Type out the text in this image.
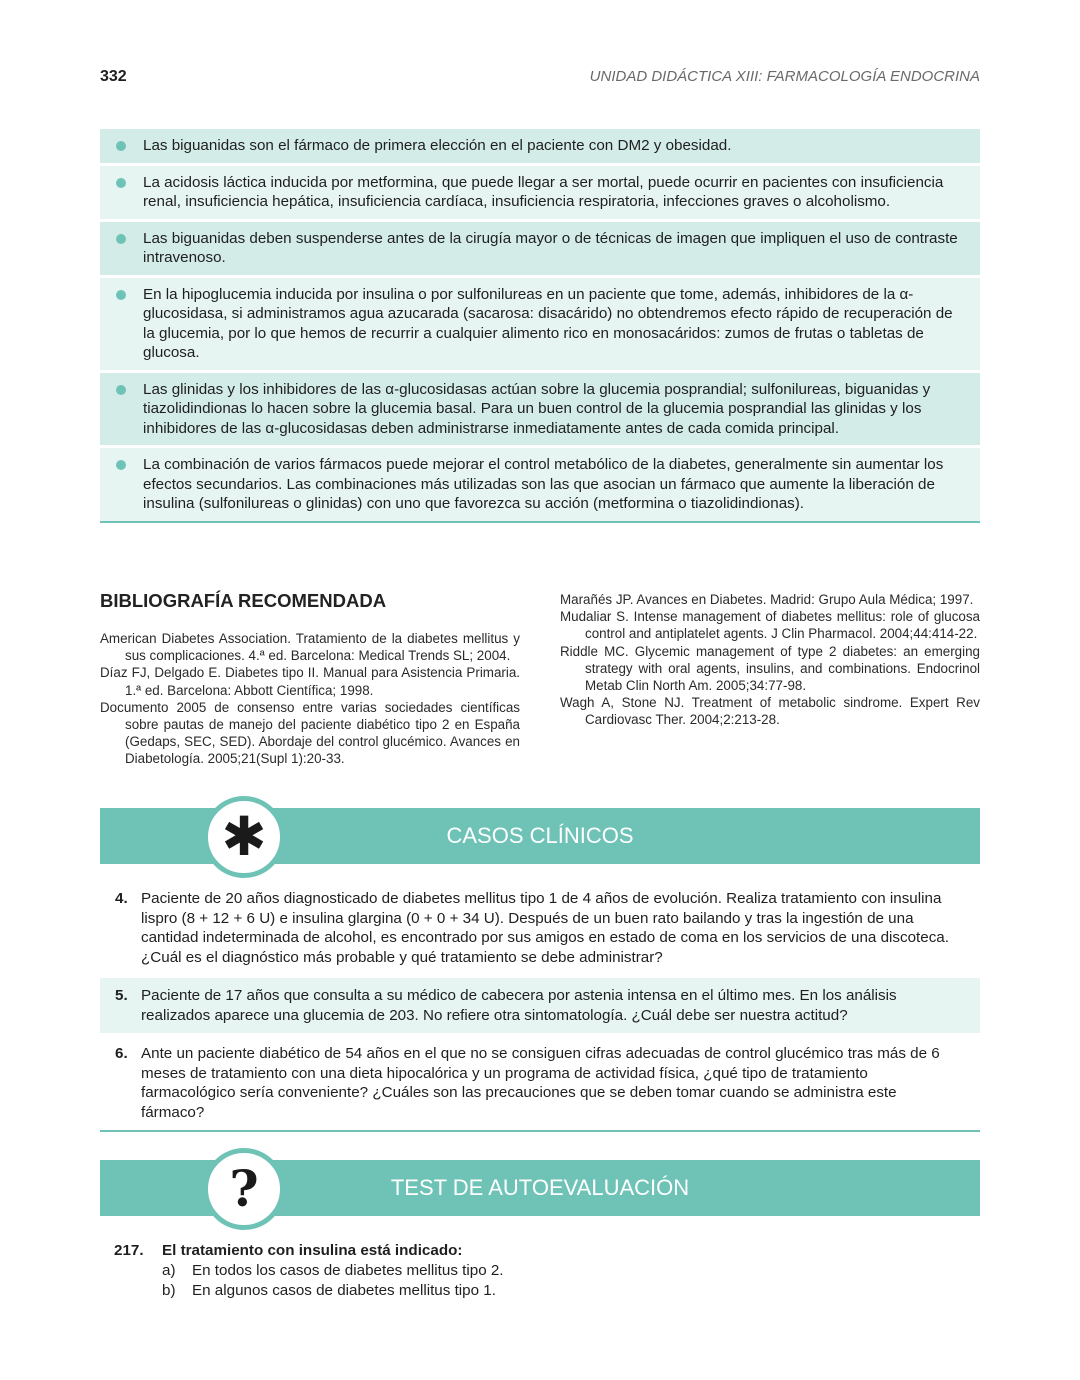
332	UNIDAD DIDÁCTICA XIII: FARMACOLOGÍA ENDOCRINA
Las biguanidas son el fármaco de primera elección en el paciente con DM2 y obesidad.
La acidosis láctica inducida por metformina, que puede llegar a ser mortal, puede ocurrir en pacientes con insuficiencia renal, insuficiencia hepática, insuficiencia cardíaca, insuficiencia respiratoria, infecciones graves o alcoholismo.
Las biguanidas deben suspenderse antes de la cirugía mayor o de técnicas de imagen que impliquen el uso de contraste intravenoso.
En la hipoglucemia inducida por insulina o por sulfonilureas en un paciente que tome, además, inhibidores de la α-glucosidasa, si administramos agua azucarada (sacarosa: disacárido) no obtendremos efecto rápido de recuperación de la glucemia, por lo que hemos de recurrir a cualquier alimento rico en monosacáridos: zumos de frutas o tabletas de glucosa.
Las glinidas y los inhibidores de las α-glucosidasas actúan sobre la glucemia posprandial; sulfonilureas, biguanidas y tiazolidindionas lo hacen sobre la glucemia basal. Para un buen control de la glucemia posprandial las glinidas y los inhibidores de las α-glucosidasas deben administrarse inmediatamente antes de cada comida principal.
La combinación de varios fármacos puede mejorar el control metabólico de la diabetes, generalmente sin aumentar los efectos secundarios. Las combinaciones más utilizadas son las que asocian un fármaco que aumente la liberación de insulina (sulfonilureas o glinidas) con uno que favorezca su acción (metformina o tiazolidindionas).
BIBLIOGRAFÍA RECOMENDADA
American Diabetes Association. Tratamiento de la diabetes mellitus y sus complicaciones. 4.ª ed. Barcelona: Medical Trends SL; 2004.
Díaz FJ, Delgado E. Diabetes tipo II. Manual para Asistencia Primaria. 1.ª ed. Barcelona: Abbott Científica; 1998.
Documento 2005 de consenso entre varias sociedades científicas sobre pautas de manejo del paciente diabético tipo 2 en España (Gedaps, SEC, SED). Abordaje del control glucémico. Avances en Diabetología. 2005;21(Supl 1):20-33.
Marañés JP. Avances en Diabetes. Madrid: Grupo Aula Médica; 1997.
Mudaliar S. Intense management of diabetes mellitus: role of glucosa control and antiplatelet agents. J Clin Pharmacol. 2004;44:414-22.
Riddle MC. Glycemic management of type 2 diabetes: an emerging strategy with oral agents, insulins, and combinations. Endocrinol Metab Clin North Am. 2005;34:77-98.
Wagh A, Stone NJ. Treatment of metabolic sindrome. Expert Rev Cardiovasc Ther. 2004;2:213-28.
CASOS CLÍNICOS
✱
4. Paciente de 20 años diagnosticado de diabetes mellitus tipo 1 de 4 años de evolución. Realiza tratamiento con insulina lispro (8 + 12 + 6 U) e insulina glargina (0 + 0 + 34 U). Después de un buen rato bailando y tras la ingestión de una cantidad indeterminada de alcohol, es encontrado por sus amigos en estado de coma en los servicios de una discoteca. ¿Cuál es el diagnóstico más probable y qué tratamiento se debe administrar?
5. Paciente de 17 años que consulta a su médico de cabecera por astenia intensa en el último mes. En los análisis realizados aparece una glucemia de 203. No refiere otra sintomatología. ¿Cuál debe ser nuestra actitud?
6. Ante un paciente diabético de 54 años en el que no se consiguen cifras adecuadas de control glucémico tras más de 6 meses de tratamiento con una dieta hipocalórica y un programa de actividad física, ¿qué tipo de tratamiento farmacológico sería conveniente? ¿Cuáles son las precauciones que se deben tomar cuando se administra este fármaco?
TEST DE AUTOEVALUACIÓN
?
217. El tratamiento con insulina está indicado:
a) En todos los casos de diabetes mellitus tipo 2.
b) En algunos casos de diabetes mellitus tipo 1.
